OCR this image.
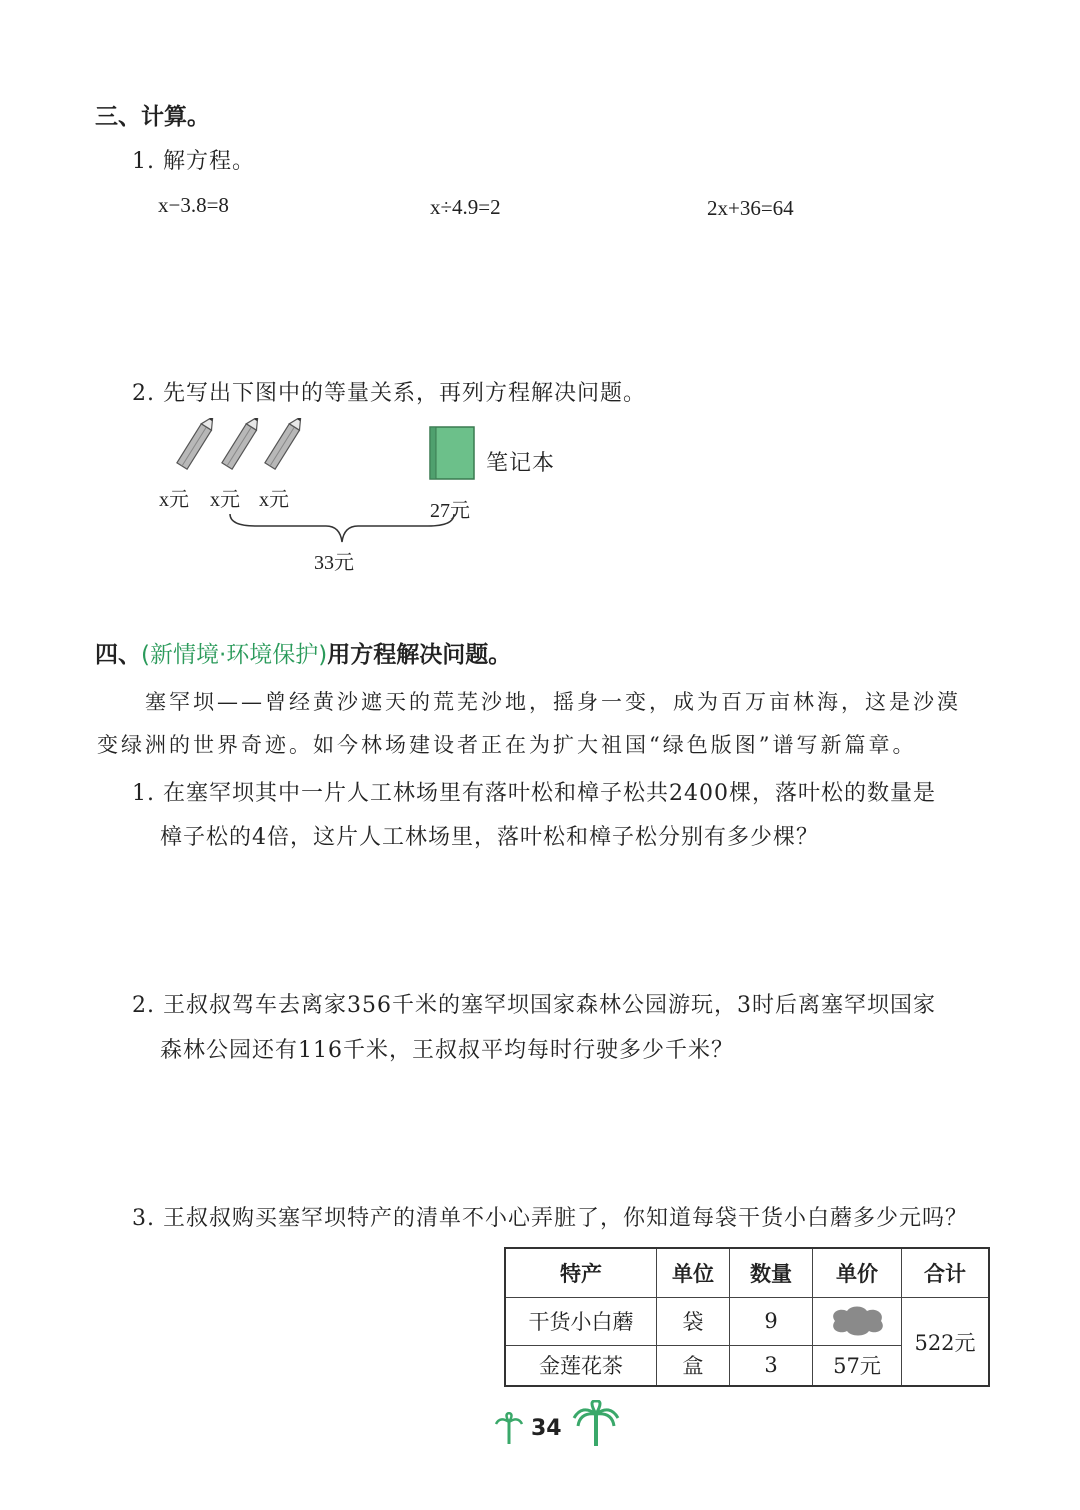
三、计算。
1. 解方程。
x−3.8=8	x÷4.9=2	2x+36=64
2. 先写出下图中的等量关系，再列方程解决问题。
x元 x元 x元
笔记本
27元
33元
四、(新情境·环境保护)用方程解决问题。
塞罕坝——曾经黄沙遮天的荒芜沙地，摇身一变，成为百万亩林海，这是沙漠
变绿洲的世界奇迹。如今林场建设者正在为扩大祖国“绿色版图”谱写新篇章。
1. 在塞罕坝其中一片人工林场里有落叶松和樟子松共2400棵，落叶松的数量是
樟子松的4倍，这片人工林场里，落叶松和樟子松分别有多少棵？
2. 王叔叔驾车去离家356千米的塞罕坝国家森林公园游玩，3时后离塞罕坝国家
森林公园还有116千米，王叔叔平均每时行驶多少千米？
3. 王叔叔购买塞罕坝特产的清单不小心弄脏了，你知道每袋干货小白蘑多少元吗？
特产	单位	数量	单价	合计
干货小白蘑	袋	9		522元
金莲花茶	盒	3	57元	
34
